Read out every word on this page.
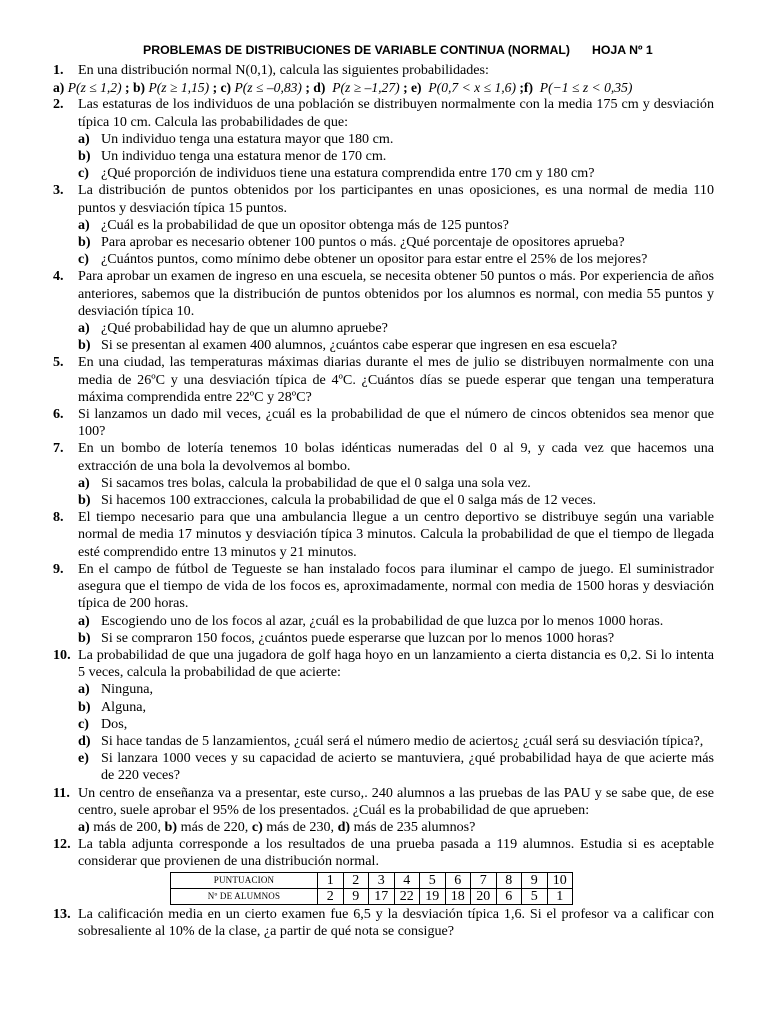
PROBLEMAS DE DISTRIBUCIONES DE VARIABLE CONTINUA (NORMAL) HOJA Nº 1
1. En una distribución normal N(0,1), calcula las siguientes probabilidades:
a) P(z ≤ 1,2) ; b) P(z ≥ 1,15) ; c) P(z ≤ –0,83) ; d) P(z ≥ –1,27) ; e) P(0,7 < x ≤ 1,6) ;f) P(−1 ≤ z < 0,35)
2. Las estaturas de los individuos de una población se distribuyen normalmente con la media 175 cm y desviación típica 10 cm. Calcula las probabilidades de que:
a) Un individuo tenga una estatura mayor que 180 cm.
b) Un individuo tenga una estatura menor de 170 cm.
c) ¿Qué proporción de individuos tiene una estatura comprendida entre 170 cm y 180 cm?
3. La distribución de puntos obtenidos por los participantes en unas oposiciones, es una normal de media 110 puntos y desviación típica 15 puntos.
a) ¿Cuál es la probabilidad de que un opositor obtenga más de 125 puntos?
b) Para aprobar es necesario obtener 100 puntos o más. ¿Qué porcentaje de opositores aprueba?
c) ¿Cuántos puntos, como mínimo debe obtener un opositor para estar entre el 25% de los mejores?
4. Para aprobar un examen de ingreso en una escuela, se necesita obtener 50 puntos o más. Por experiencia de años anteriores, sabemos que la distribución de puntos obtenidos por los alumnos es normal, con media 55 puntos y desviación típica 10.
a) ¿Qué probabilidad hay de que un alumno apruebe?
b) Si se presentan al examen 400 alumnos, ¿cuántos cabe esperar que ingresen en esa escuela?
5. En una ciudad, las temperaturas máximas diarias durante el mes de julio se distribuyen normalmente con una media de 26ºC y una desviación típica de 4ºC. ¿Cuántos días se puede esperar que tengan una temperatura máxima comprendida entre 22ºC y 28ºC?
6. Si lanzamos un dado mil veces, ¿cuál es la probabilidad de que el número de cincos obtenidos sea menor que 100?
7. En un bombo de lotería tenemos 10 bolas idénticas numeradas del 0 al 9, y cada vez que hacemos una extracción de una bola la devolvemos al bombo.
a) Si sacamos tres bolas, calcula la probabilidad de que el 0 salga una sola vez.
b) Si hacemos 100 extracciones, calcula la probabilidad de que el 0 salga más de 12 veces.
8. El tiempo necesario para que una ambulancia llegue a un centro deportivo se distribuye según una variable normal de media 17 minutos y desviación típica 3 minutos. Calcula la probabilidad de que el tiempo de llegada esté comprendido entre 13 minutos y 21 minutos.
9. En el campo de fútbol de Tegueste se han instalado focos para iluminar el campo de juego. El suministrador asegura que el tiempo de vida de los focos es, aproximadamente, normal con media de 1500 horas y desviación típica de 200 horas.
a) Escogiendo uno de los focos al azar, ¿cuál es la probabilidad de que luzca por lo menos 1000 horas.
b) Si se compraron 150 focos, ¿cuántos puede esperarse que luzcan por lo menos 1000 horas?
10. La probabilidad de que una jugadora de golf haga hoyo en un lanzamiento a cierta distancia es 0,2. Si lo intenta 5 veces, calcula la probabilidad de que acierte:
a) Ninguna,
b) Alguna,
c) Dos,
d) Si hace tandas de 5 lanzamientos, ¿cuál será el número medio de aciertos¿ ¿cuál será su desviación típica?,
e) Si lanzara 1000 veces y su capacidad de acierto se mantuviera, ¿qué probabilidad haya de que acierte más de 220 veces?
11. Un centro de enseñanza va a presentar, este curso,. 240 alumnos a las pruebas de las PAU y se sabe que, de ese centro, suele aprobar el 95% de los presentados. ¿Cuál es la probabilidad de que aprueben:
a) más de 200, b) más de 220, c) más de 230, d) más de 235 alumnos?
12. La tabla adjunta corresponde a los resultados de una prueba pasada a 119 alumnos. Estudia si es aceptable considerar que provienen de una distribución normal.
PUNTUACION	1	2	3	4	5	6	7	8	9	10
Nº DE ALUMNOS	2	9	17	22	19	18	20	6	5	1
13. La calificación media en un cierto examen fue 6,5 y la desviación típica 1,6. Si el profesor va a calificar con sobresaliente al 10% de la clase, ¿a partir de qué nota se consigue?
